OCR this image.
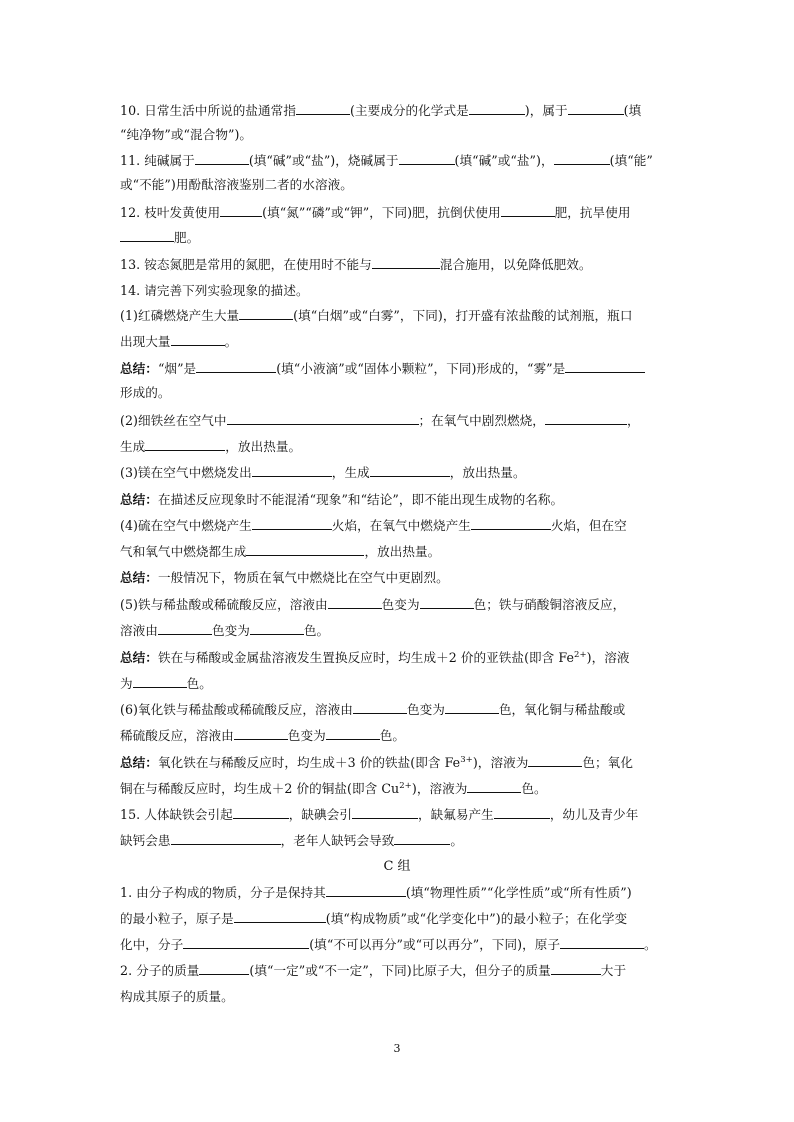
10. 日常生活中所说的盐通常指	(主要成分的化学式是	)，属于	(填
“纯净物”或“混合物”)。
11. 纯碱属于	(填“碱”或“盐”)，烧碱属于	(填“碱”或“盐”)，	(填“能”
或“不能”)用酚酞溶液鉴别二者的水溶液。
12. 枝叶发黄使用	(填“氮”“磷”或“钾”，下同)肥，抗倒伏使用	肥，抗旱使用
肥。
13. 铵态氮肥是常用的氮肥，在使用时不能与	混合施用，以免降低肥效。
14. 请完善下列实验现象的描述。
(1)红磷燃烧产生大量	(填“白烟”或“白雾”，下同)，打开盛有浓盐酸的试剂瓶，瓶口
出现大量	。
总结：“烟”是	(填“小液滴”或“固体小颗粒”，下同)形成的，“雾”是
形成的。
(2)细铁丝在空气中	；在氧气中剧烈燃烧，	，
生成	，放出热量。
(3)镁在空气中燃烧发出	，生成	，放出热量。
总结：在描述反应现象时不能混淆“现象”和“结论”，即不能出现生成物的名称。
(4)硫在空气中燃烧产生	火焰，在氧气中燃烧产生	火焰，但在空
气和氧气中燃烧都生成	，放出热量。
总结：一般情况下，物质在氧气中燃烧比在空气中更剧烈。
(5)铁与稀盐酸或稀硫酸反应，溶液由	色变为	色；铁与硝酸铜溶液反应，
溶液由	色变为	色。
总结：铁在与稀酸或金属盐溶液发生置换反应时，均生成＋2 价的亚铁盐(即含 $Fe^{2+}$)，溶液
为	色。
(6)氧化铁与稀盐酸或稀硫酸反应，溶液由	色变为	色，氧化铜与稀盐酸或
稀硫酸反应，溶液由	色变为	色。
总结：氧化铁在与稀酸反应时，均生成＋3 价的铁盐(即含 $Fe^{3+}$)，溶液为	色；氧化
铜在与稀酸反应时，均生成＋2 价的铜盐(即含 $Cu^{2+}$)，溶液为	色。
15. 人体缺铁会引起	，缺碘会引	，缺氟易产生	，幼儿及青少年
缺钙会患	，老年人缺钙会导致	。
C 组
1. 由分子构成的物质，分子是保持其	(填“物理性质”“化学性质”或“所有性质”)
的最小粒子，原子是	(填“构成物质”或“化学变化中”)的最小粒子；在化学变
化中，分子	(填“不可以再分”或“可以再分”，下同)，原子	。
2. 分子的质量	(填“一定”或“不一定”，下同)比原子大，但分子的质量	大于
构成其原子的质量。
3
